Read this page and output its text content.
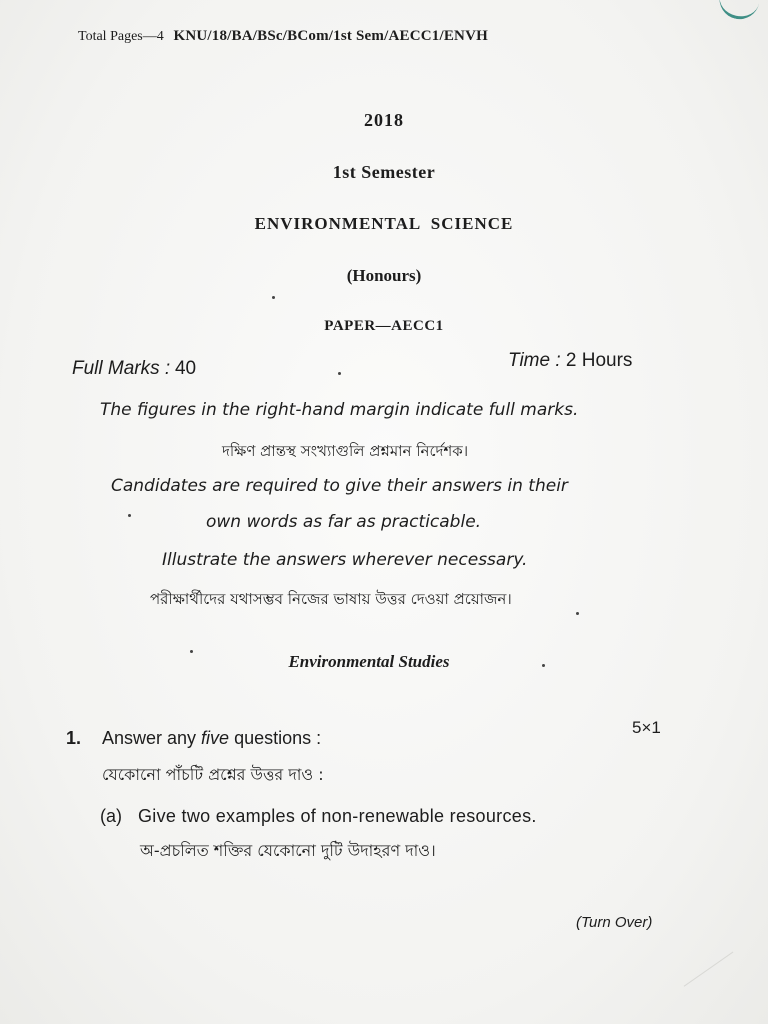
Total Pages—4 KNU/18/BA/BSc/BCom/1st Sem/AECC1/ENVH
2018
1st Semester
ENVIRONMENTAL  SCIENCE
(Honours)
PAPER—AECC1
Full Marks : 40	Time : 2 Hours
The figures in the right-hand margin indicate full marks.
দক্ষিণ প্রান্তস্থ সংখ্যাগুলি প্রশ্নমান নির্দেশক।
Candidates are required to give their answers in their
own words as far as practicable.
Illustrate the answers wherever necessary.
পরীক্ষার্থীদের যথাসম্ভব নিজের ভাষায় উত্তর দেওয়া প্রয়োজন।
Environmental Studies
1. Answer any five questions :
5×1
যেকোনো পাঁচটি প্রশ্নের উত্তর দাও :
(a) Give two examples of non-renewable resources.
অ-প্রচলিত শক্তির যেকোনো দুটি উদাহরণ দাও।
(Turn Over)
